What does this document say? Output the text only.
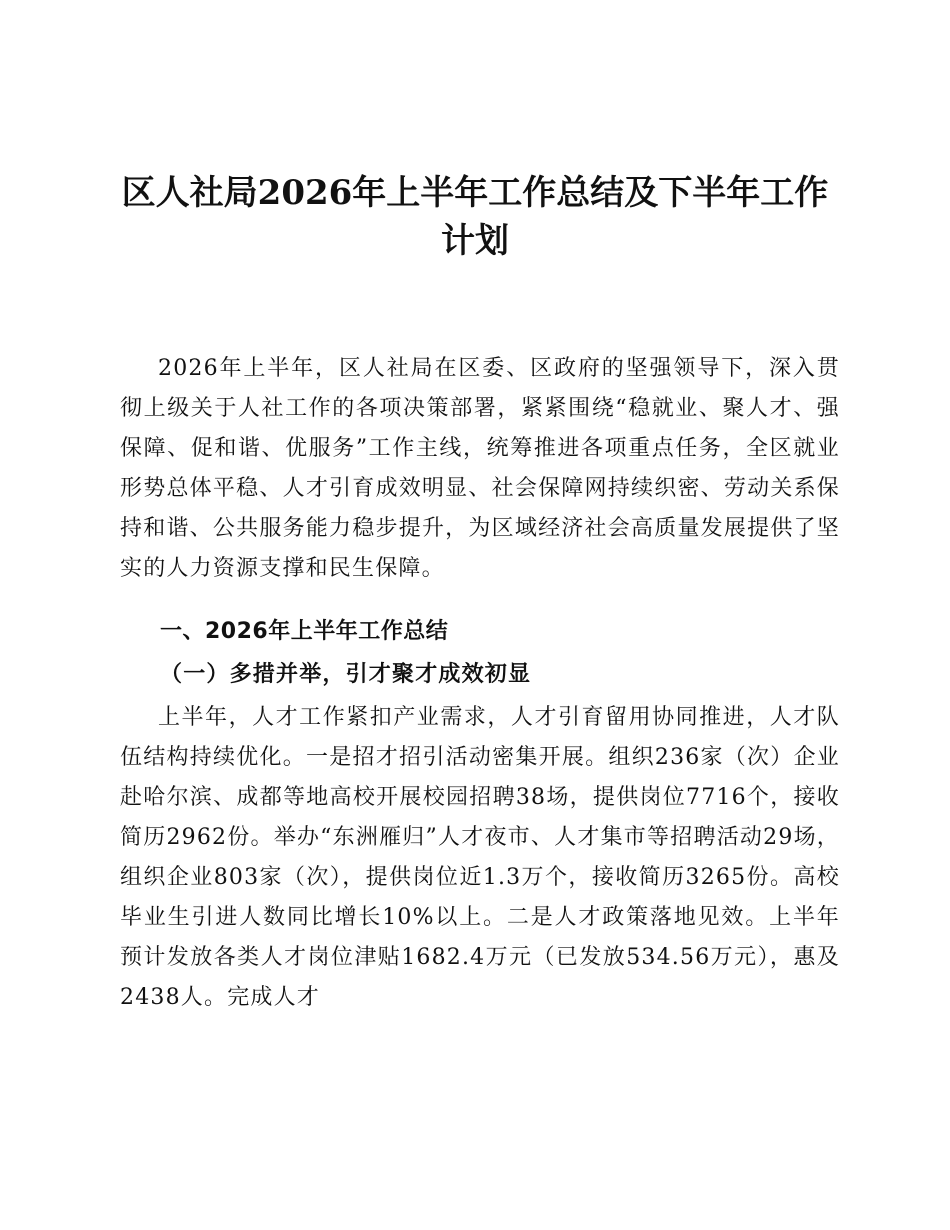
区人社局2026年上半年工作总结及下半年工作
计划

2026年上半年，区人社局在区委、区政府的坚强领导下，深入贯彻上级关于人社工作的各项决策部署，紧紧围绕“稳就业、聚人才、强保障、促和谐、优服务”工作主线，统筹推进各项重点任务，全区就业形势总体平稳、人才引育成效明显、社会保障网持续织密、劳动关系保持和谐、公共服务能力稳步提升，为区域经济社会高质量发展提供了坚实的人力资源支撑和民生保障。

一、2026年上半年工作总结
（一）多措并举，引才聚才成效初显

上半年，人才工作紧扣产业需求，人才引育留用协同推进，人才队伍结构持续优化。一是招才招引活动密集开展。组织236家（次）企业赴哈尔滨、成都等地高校开展校园招聘38场，提供岗位7716个，接收简历2962份。举办“东洲雁归”人才夜市、人才集市等招聘活动29场，组织企业803家（次），提供岗位近1.3万个，接收简历3265份。高校毕业生引进人数同比增长10%以上。二是人才政策落地见效。上半年预计发放各类人才岗位津贴1682.4万元（已发放534.56万元），惠及2438人。完成人才
